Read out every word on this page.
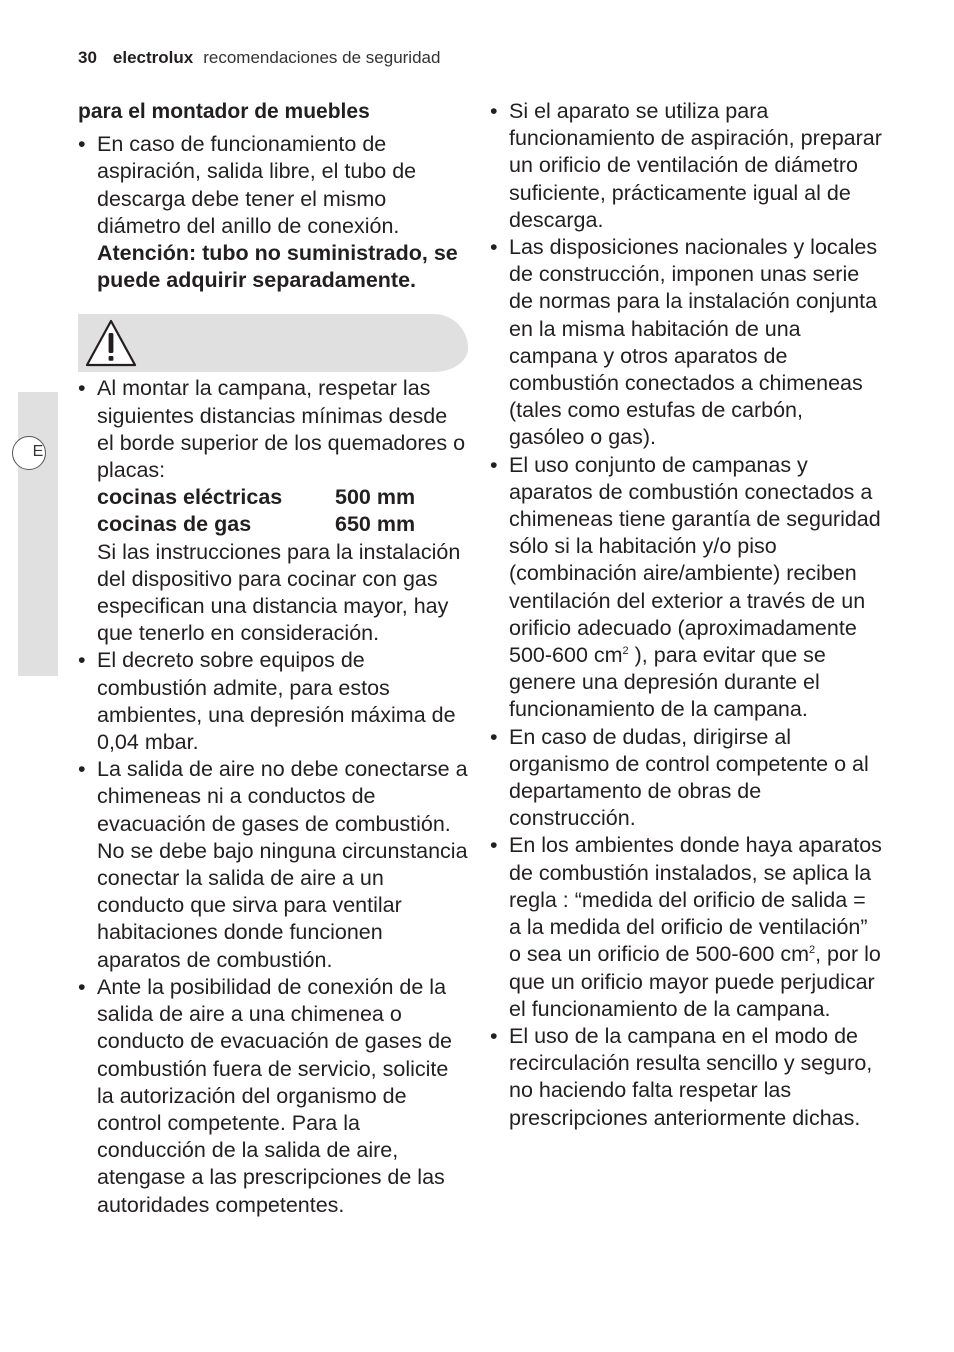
30 electrolux recomendaciones de seguridad
E
para el montador de muebles
• En caso de funcionamiento de aspiración, salida libre, el tubo de descarga debe tener el mismo diámetro del anillo de conexión.
Atención: tubo no suministrado, se puede adquirir separadamente.
• Al montar la campana, respetar las siguientes distancias mínimas desde el borde superior de los quemadores o placas:
cocinas eléctricas	500 mm
cocinas de gas	650 mm
Si las instrucciones para la instalación del dispositivo para cocinar con gas especifican una distancia mayor, hay que tenerlo en consideración.
• El decreto sobre equipos de combustión admite, para estos ambientes, una depresión máxima de 0,04 mbar.
• La salida de aire no debe conectarse a chimeneas ni a conductos de evacuación de gases de combustión. No se debe bajo ninguna circunstancia conectar la salida de aire a un conducto que sirva para ventilar habitaciones donde funcionen aparatos de combustión.
• Ante la posibilidad de conexión de la salida de aire a una chimenea o conducto de evacuación de gases de combustión fuera de servicio, solicite la autorización del organismo de control competente. Para la conducción de la salida de aire, atengase a las prescripciones de las autoridades competentes.
• Si el aparato se utiliza para funcionamiento de aspiración, preparar un orificio de ventilación de diámetro suficiente, prácticamente igual al de descarga.
• Las disposiciones nacionales y locales de construcción, imponen unas serie de normas para la instalación conjunta en la misma habitación de una campana y otros aparatos de combustión conectados a chimeneas (tales como estufas de carbón, gasóleo o gas).
• El uso conjunto de campanas y aparatos de combustión conectados a chimeneas tiene garantía de seguridad sólo si la habitación y/o piso (combinación aire/ambiente) reciben ventilación del exterior a través de un orificio adecuado (aproximadamente 500-600 $cm^2$ ), para evitar que se genere una depresión durante el funcionamiento de la campana.
• En caso de dudas, dirigirse al organismo de control competente o al departamento de obras de construcción.
• En los ambientes donde haya aparatos de combustión instalados, se aplica la regla : “medida del orificio de salida = a la medida del orificio de ventilación” o sea un orificio de 500-600 $cm^2$, por lo que un orificio mayor puede perjudicar el funcionamiento de la campana.
• El uso de la campana en el modo de recirculación resulta sencillo y seguro, no haciendo falta respetar las prescripciones anteriormente dichas.
